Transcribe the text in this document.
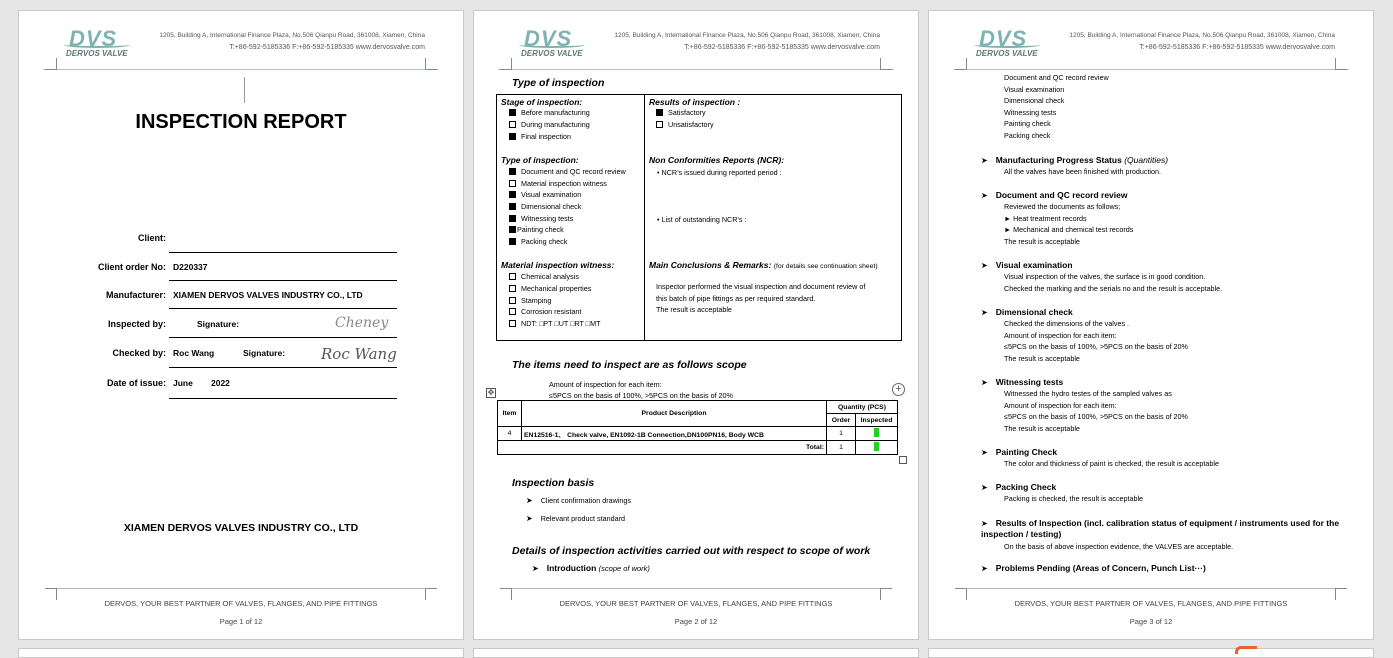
DVS
DERVOS VALVE
1205, Building A, International Finance Plaza, No.506 Qianpu Road, 361008, Xiamen, China
T:+86-592-5185336 F:+86-592-5185335 www.dervosvalve.com
INSPECTION REPORT
Client:
Client order No: D220337
Manufacturer: XIAMEN DERVOS VALVES INDUSTRY CO., LTD
Inspected by:	Signature:	Cheney
Checked by: Roc Wang	Signature: Roc Wang
Date of issue: June 2022
XIAMEN DERVOS VALVES INDUSTRY CO., LTD
DERVOS, YOUR BEST PARTNER OF VALVES, FLANGES, AND PIPE FITTINGS
Page 1 of 12
DVS
DERVOS VALVE
1205, Building A, International Finance Plaza, No.506 Qianpu Road, 361008, Xiamen, China
T:+86-592-5185336 F:+86-592-5185335 www.dervosvalve.com
Type of inspection
Stage of inspection:
Before manufacturing
During manufacturing
Final inspection
Results of inspection :
Satisfactory
Unsatisfactory
Type of inspection:
Document and QC record review
Material inspection witness
Visual examination
Dimensional check
Witnessing tests
Painting check
Packing check
Non Conformities Reports (NCR):
• NCR’s issued during reported period :
• List of outstanding NCR’s :
Material inspection witness:
Chemical analysis
Mechanical properties
Stamping
Corrosion resistant
NDT: □PT □UT □RT □MT
Main Conclusions & Remarks: (for details see continuation sheet)
Inspector performed the visual inspection and document review of
this batch of pipe fittings as per required standard.
The result is acceptable
The items need to inspect are as follows scope
Amount of inspection for each item:
≤5PCS on the basis of 100%, >5PCS on the basis of 20%
✥	+
Item	Product Description	Quantity (PCS)	
		Order	Inspected
4	EN12516-1、 Check valve, EN1092-1B Connection,DN100PN16, Body WCB	1	
Total:		1	
Inspection basis
➤ Client confirmation drawings
➤ Relevant product standard
Details of inspection activities carried out with respect to scope of work
➤ Introduction (scope of work)
DERVOS, YOUR BEST PARTNER OF VALVES, FLANGES, AND PIPE FITTINGS
Page 2 of 12
DVS
DERVOS VALVE
1205, Building A, International Finance Plaza, No.506 Qianpu Road, 361008, Xiamen, China
T:+86-592-5185336 F:+86-592-5185335 www.dervosvalve.com
Document and QC record review
Visual examination
Dimensional check
Witnessing tests
Painting check
Packing check
➤ Manufacturing Progress Status (Quantities)
All the valves have been finished with production.
➤ Document and QC record review
Reviewed the documents as follows;
► Heat treatment records
► Mechanical and chemical test records
The result is acceptable
➤ Visual examination
Visual inspection of the valves, the surface is in good condition.
Checked the marking and the serials no and the result is acceptable.
➤ Dimensional check
Checked the dimensions of the valves .
Amount of inspection for each item:
≤5PCS on the basis of 100%, >5PCS on the basis of 20%
The result is acceptable
➤ Witnessing tests
Witnessed the hydro testes of the sampled valves as
Amount of inspection for each item:
≤5PCS on the basis of 100%, >5PCS on the basis of 20%
The result is acceptable
➤ Painting Check
The color and thickness of paint is checked, the result is acceptable
➤ Packing Check
Packing is checked, the result is acceptable
➤ Results of Inspection (incl. calibration status of equipment / instruments used for the inspection / testing)
On the basis of above inspection evidence, the VALVES are acceptable.
➤ Problems Pending (Areas of Concern, Punch List···)
DERVOS, YOUR BEST PARTNER OF VALVES, FLANGES, AND PIPE FITTINGS
Page 3 of 12
